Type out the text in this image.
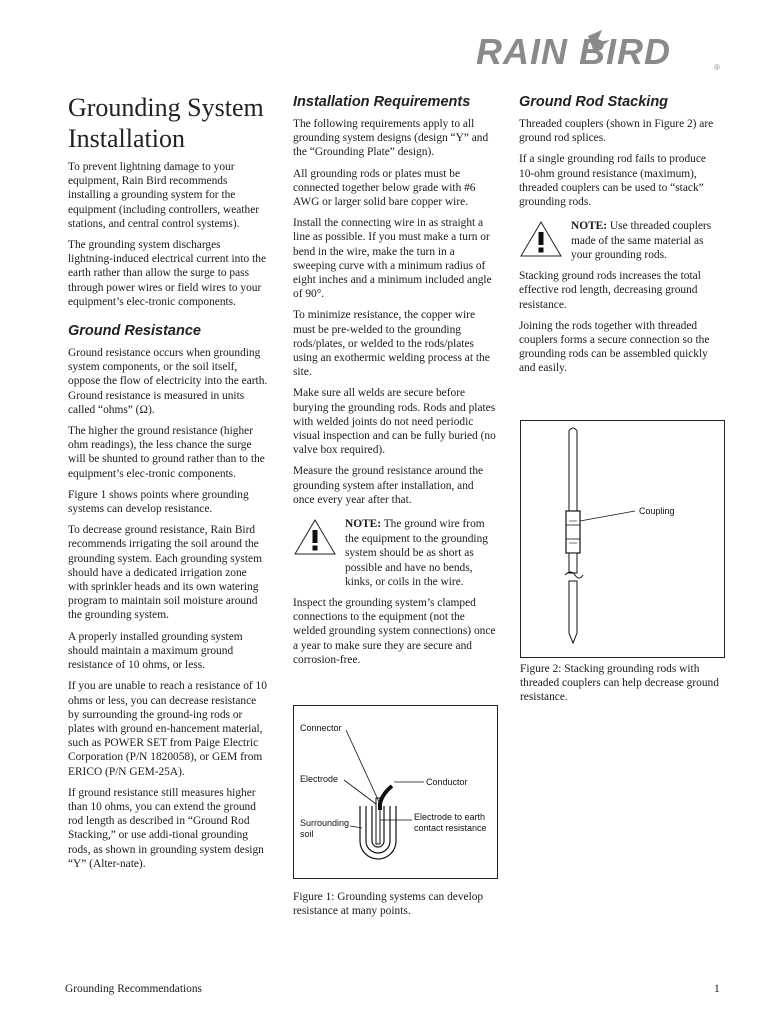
RAIN BIRD	®
Grounding System Installation

To prevent lightning damage to your equipment, Rain Bird recommends installing a grounding system for the equipment (including controllers, weather stations, and central control systems).

The grounding system discharges lightning-induced electrical current into the earth rather than allow the surge to pass through power wires or field wires to your equipment’s elec-tronic components.

Ground Resistance

Ground resistance occurs when grounding system components, or the soil itself, oppose the flow of electricity into the earth. Ground resistance is measured in units called “ohms” (Ω).

The higher the ground resistance (higher ohm readings), the less chance the surge will be shunted to ground rather than to the equipment’s elec-tronic components.

Figure 1 shows points where grounding systems can develop resistance.

To decrease ground resistance, Rain Bird recommends irrigating the soil around the grounding system. Each grounding system should have a dedicated irrigation zone with sprinkler heads and its own watering program to maintain soil moisture around the grounding system.

A properly installed grounding system should maintain a maximum ground resistance of 10 ohms, or less.

If you are unable to reach a resistance of 10 ohms or less, you can decrease resistance by surrounding the ground-ing rods or plates with ground en-hancement material, such as POWER SET from Paige Electric Corporation (P/N 1820058), or GEM from ERICO (P/N GEM-25A).

If ground resistance still measures higher than 10 ohms, you can extend the ground rod length as described in “Ground Rod Stacking,” or use addi-tional grounding rods, as shown in grounding system design “Y” (Alter-nate).

Installation Requirements

The following requirements apply to all grounding system designs (design “Y” and the “Grounding Plate” design).

All grounding rods or plates must be connected together below grade with #6 AWG or larger solid bare copper wire.

Install the connecting wire in as straight a line as possible. If you must make a turn or bend in the wire, make the turn in a sweeping curve with a minimum radius of eight inches and a minimum included angle of 90°.

To minimize resistance, the copper wire must be pre-welded to the grounding rods/plates, or welded to the rods/plates using an exothermic welding process at the site.

Make sure all welds are secure before burying the grounding rods. Rods and plates with welded joints do not need periodic visual inspection and can be fully buried (no valve box required).

Measure the ground resistance around the grounding system after installation, and once every year after that.

NOTE: The ground wire from the equipment to the grounding system should be as short as possible and have no bends, kinks, or coils in the wire.

Inspect the grounding system’s clamped connections to the equipment (not the welded grounding system connections) once a year to make sure they are secure and corrosion-free.

Connector
Electrode	Conductor
Surrounding
soil
Electrode to earth
contact resistance
Figure 1: Grounding systems can develop resistance at many points.
Ground Rod Stacking

Threaded couplers (shown in Figure 2) are ground rod splices.

If a single grounding rod fails to produce 10-ohm ground resistance (maximum), threaded couplers can be used to “stack” grounding rods.

NOTE: Use threaded couplers made of the same material as your grounding rods.

Stacking ground rods increases the total effective rod length, decreasing ground resistance.

Joining the rods together with threaded couplers forms a secure connection so the grounding rods can be assembled quickly and easily.

Coupling
Figure 2: Stacking grounding rods with threaded couplers can help decrease ground resistance.
Grounding Recommendations	1
